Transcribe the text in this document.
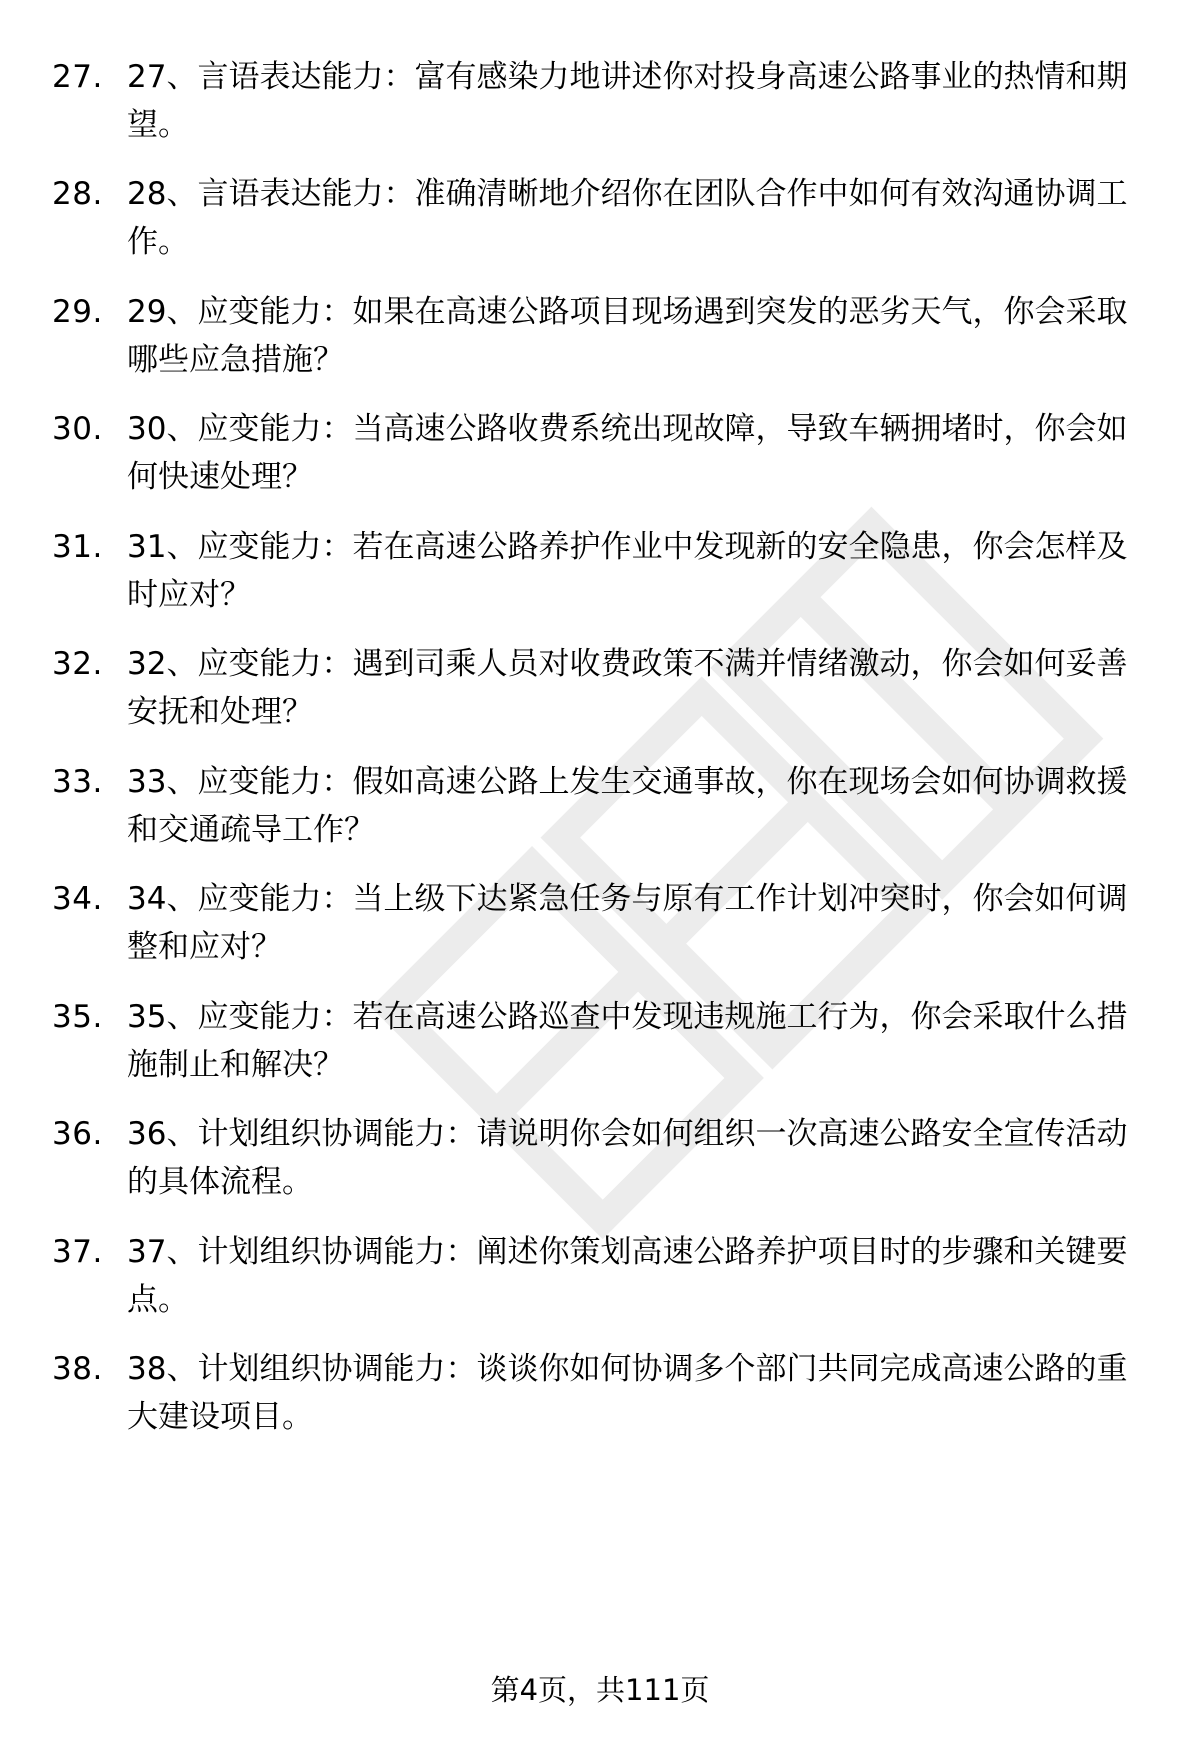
27. 27、言语表达能力：富有感染力地讲述你对投身高速公路事业的热情和期望。
28. 28、言语表达能力：准确清晰地介绍你在团队合作中如何有效沟通协调工作。
29. 29、应变能力：如果在高速公路项目现场遇到突发的恶劣天气，你会采取哪些应急措施？
30. 30、应变能力：当高速公路收费系统出现故障，导致车辆拥堵时，你会如何快速处理？
31. 31、应变能力：若在高速公路养护作业中发现新的安全隐患，你会怎样及时应对？
32. 32、应变能力：遇到司乘人员对收费政策不满并情绪激动，你会如何妥善安抚和处理？
33. 33、应变能力：假如高速公路上发生交通事故，你在现场会如何协调救援和交通疏导工作？
34. 34、应变能力：当上级下达紧急任务与原有工作计划冲突时，你会如何调整和应对？
35. 35、应变能力：若在高速公路巡查中发现违规施工行为，你会采取什么措施制止和解决？
36. 36、计划组织协调能力：请说明你会如何组织一次高速公路安全宣传活动的具体流程。
37. 37、计划组织协调能力：阐述你策划高速公路养护项目时的步骤和关键要点。
38. 38、计划组织协调能力：谈谈你如何协调多个部门共同完成高速公路的重大建设项目。
第4页，共111页
